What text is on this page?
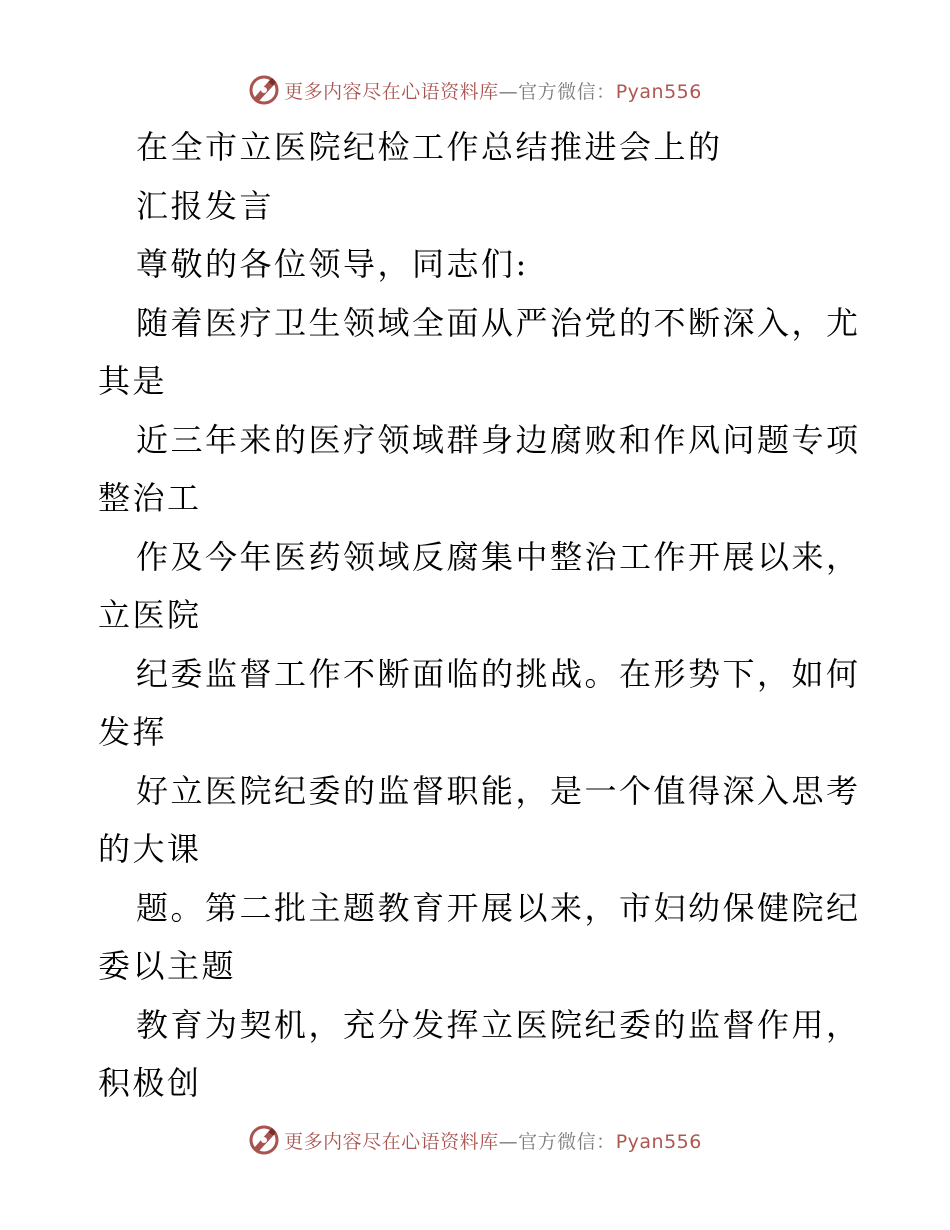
更多内容尽在心语资料库—官方微信：Pyan556
在全市立医院纪检工作总结推进会上的
汇报发言
尊敬的各位领导，同志们:
随着医疗卫生领域全面从严治党的不断深入，尤
其是
近三年来的医疗领域群身边腐败和作风问题专项
整治工
作及今年医药领域反腐集中整治工作开展以来，
立医院
纪委监督工作不断面临的挑战。在形势下，如何
发挥
好立医院纪委的监督职能，是一个值得深入思考
的大课
题。第二批主题教育开展以来，市妇幼保健院纪
委以主题
教育为契机，充分发挥立医院纪委的监督作用，
积极创
更多内容尽在心语资料库—官方微信：Pyan556
